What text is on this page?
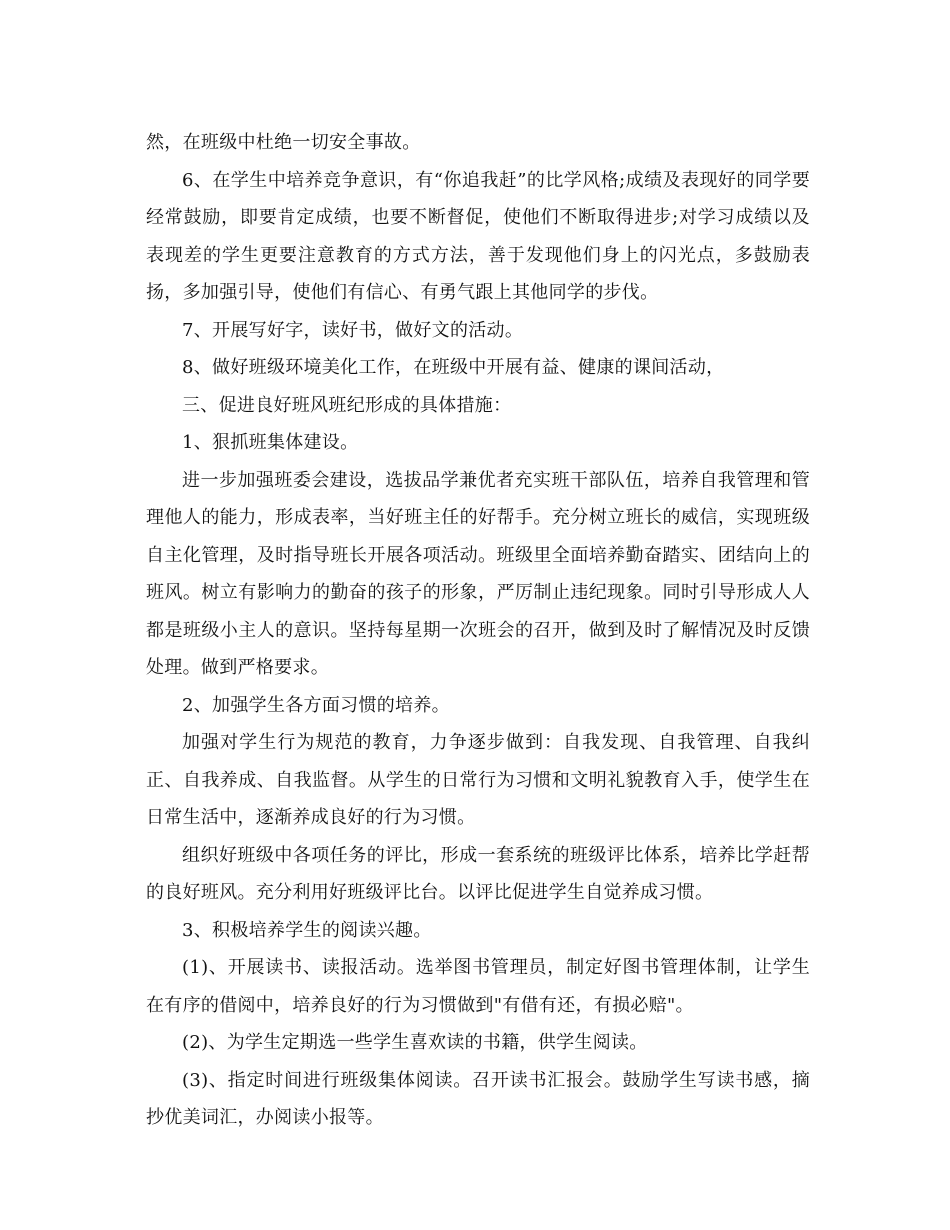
然，在班级中杜绝一切安全事故。

6、在学生中培养竞争意识，有“你追我赶”的比学风格;成绩及表现好的同学要经常鼓励，即要肯定成绩，也要不断督促，使他们不断取得进步;对学习成绩以及表现差的学生更要注意教育的方式方法，善于发现他们身上的闪光点，多鼓励表扬，多加强引导，使他们有信心、有勇气跟上其他同学的步伐。

7、开展写好字，读好书，做好文的活动。

8、做好班级环境美化工作，在班级中开展有益、健康的课间活动，

三、促进良好班风班纪形成的具体措施：

1、狠抓班集体建设。

进一步加强班委会建设，选拔品学兼优者充实班干部队伍，培养自我管理和管理他人的能力，形成表率，当好班主任的好帮手。充分树立班长的威信，实现班级自主化管理，及时指导班长开展各项活动。班级里全面培养勤奋踏实、团结向上的班风。树立有影响力的勤奋的孩子的形象，严厉制止违纪现象。同时引导形成人人都是班级小主人的意识。坚持每星期一次班会的召开，做到及时了解情况及时反馈处理。做到严格要求。

2、加强学生各方面习惯的培养。

加强对学生行为规范的教育，力争逐步做到：自我发现、自我管理、自我纠正、自我养成、自我监督。从学生的日常行为习惯和文明礼貌教育入手，使学生在日常生活中，逐渐养成良好的行为习惯。

组织好班级中各项任务的评比，形成一套系统的班级评比体系，培养比学赶帮的良好班风。充分利用好班级评比台。以评比促进学生自觉养成习惯。

3、积极培养学生的阅读兴趣。

(1)、开展读书、读报活动。选举图书管理员，制定好图书管理体制，让学生在有序的借阅中，培养良好的行为习惯做到"有借有还，有损必赔"。

(2)、为学生定期选一些学生喜欢读的书籍，供学生阅读。

(3)、指定时间进行班级集体阅读。召开读书汇报会。鼓励学生写读书感，摘抄优美词汇，办阅读小报等。
